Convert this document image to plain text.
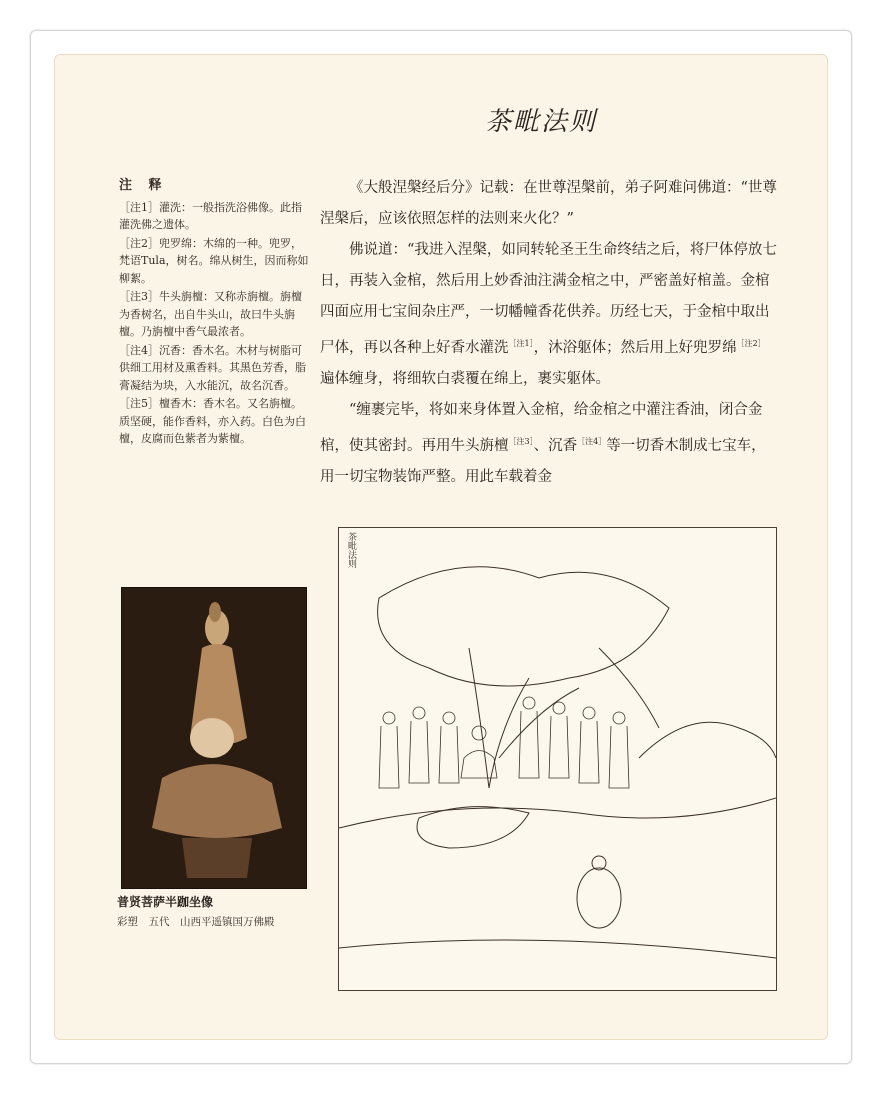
茶毗法则
注 释

［注1］灌洗：一般指洗浴佛像。此指灌洗佛之遗体。

［注2］兜罗绵：木绵的一种。兜罗，梵语Tula，树名。绵从树生，因而称如柳絮。

［注3］牛头旃檀：又称赤旃檀。旃檀为香树名，出自牛头山，故曰牛头旃檀。乃旃檀中香气最浓者。

［注4］沉香：香木名。木材与树脂可供细工用材及熏香料。其黑色芳香，脂膏凝结为块，入水能沉，故名沉香。

［注5］檀香木：香木名。又名旃檀。质坚硬，能作香料，亦入药。白色为白檀，皮腐而色紫者为紫檀。

《大般涅槃经后分》记载：在世尊涅槃前，弟子阿难问佛道：“世尊涅槃后，应该依照怎样的法则来火化？”

佛说道：“我进入涅槃，如同转轮圣王生命终结之后，将尸体停放七日，再装入金棺，然后用上妙香油注满金棺之中，严密盖好棺盖。金棺四面应用七宝间杂庄严，一切幡幢香花供养。历经七天，于金棺中取出尸体，再以各种上好香水灌洗$^{[注1]}$，沐浴躯体；然后用上好兜罗绵$^{[注2]}$遍体缠身，将细软白裘覆在绵上，裹实躯体。

“缠裹完毕，将如来身体置入金棺，给金棺之中灌注香油，闭合金棺，使其密封。再用牛头旃檀$^{[注3]}$、沉香$^{[注4]}$等一切香木制成七宝车，用一切宝物装饰严整。用此车载着金

普贤菩萨半跏坐像
彩塑　五代　山西平遥镇国万佛殿
茶毗法则
